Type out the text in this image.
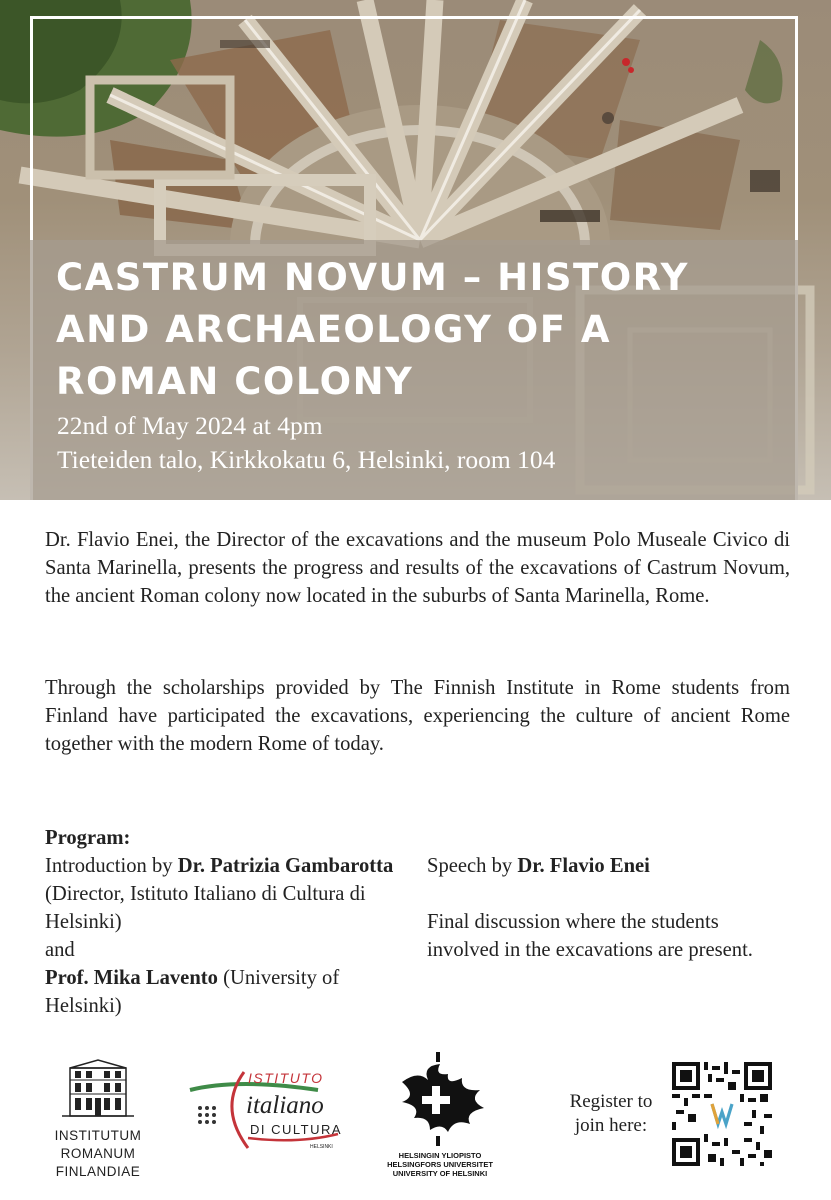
CASTRUM NOVUM – HISTORY AND ARCHAEOLOGY OF A ROMAN COLONY
22nd of May 2024 at 4pm
Tieteiden talo, Kirkkokatu 6, Helsinki, room 104

Dr. Flavio Enei, the Director of the excavations and the museum Polo Museale Civico di Santa Marinella, presents the progress and results of the excavations of Castrum Novum, the ancient Roman colony now located in the suburbs of Santa Marinella, Rome.

Through the scholarships provided by The Finnish Institute in Rome students from Finland have participated the excavations, experiencing the culture of ancient Rome together with the modern Rome of today.

Program:
Introduction by Dr. Patrizia Gambarotta (Director, Istituto Italiano di Cultura di Helsinki)
and
Prof. Mika Lavento (University of Helsinki)
Speech by Dr. Flavio Enei
Final discussion where the students involved in the excavations are present.
INSTITUTUM
ROMANUM
FINLANDIAE
ISTITUTO
italiano
DI CULTURA
HELSINKI
HELSINGIN YLIOPISTO
HELSINGFORS UNIVERSITET
UNIVERSITY OF HELSINKI
Register to
join here:
